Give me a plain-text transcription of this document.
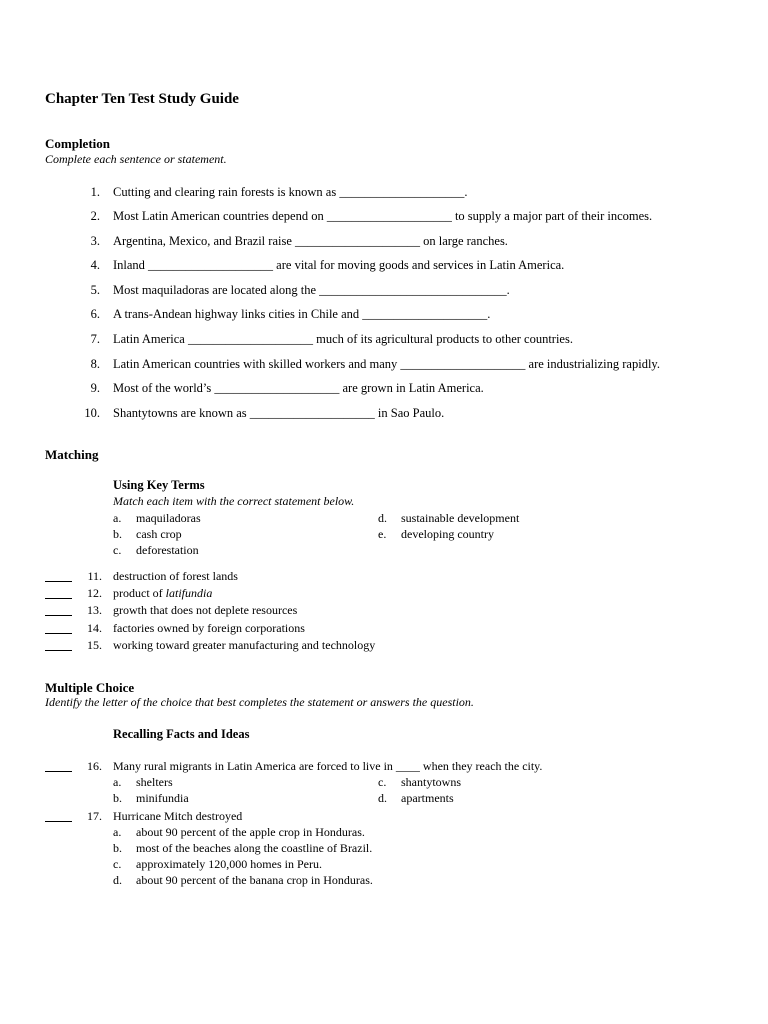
Chapter Ten Test Study Guide
Completion
Complete each sentence or statement.
1. Cutting and clearing rain forests is known as ____________________.
2. Most Latin American countries depend on ____________________ to supply a major part of their incomes.
3. Argentina, Mexico, and Brazil raise ____________________ on large ranches.
4. Inland ____________________ are vital for moving goods and services in Latin America.
5. Most maquiladoras are located along the ______________________________.
6. A trans-Andean highway links cities in Chile and ____________________.
7. Latin America ____________________ much of its agricultural products to other countries.
8. Latin American countries with skilled workers and many ____________________ are industrializing rapidly.
9. Most of the world’s ____________________ are grown in Latin America.
10. Shantytowns are known as ____________________ in Sao Paulo.
Matching
Using Key Terms
Match each item with the correct statement below.
a. maquiladoras
b. cash crop
c. deforestation
d. sustainable development
e. developing country
11. destruction of forest lands
12. product of latifundia
13. growth that does not deplete resources
14. factories owned by foreign corporations
15. working toward greater manufacturing and technology
Multiple Choice
Identify the letter of the choice that best completes the statement or answers the question.
Recalling Facts and Ideas
16. Many rural migrants in Latin America are forced to live in ____ when they reach the city.
a. shelters
b. minifundia
c. shantytowns
d. apartments
17. Hurricane Mitch destroyed
a. about 90 percent of the apple crop in Honduras.
b. most of the beaches along the coastline of Brazil.
c. approximately 120,000 homes in Peru.
d. about 90 percent of the banana crop in Honduras.
